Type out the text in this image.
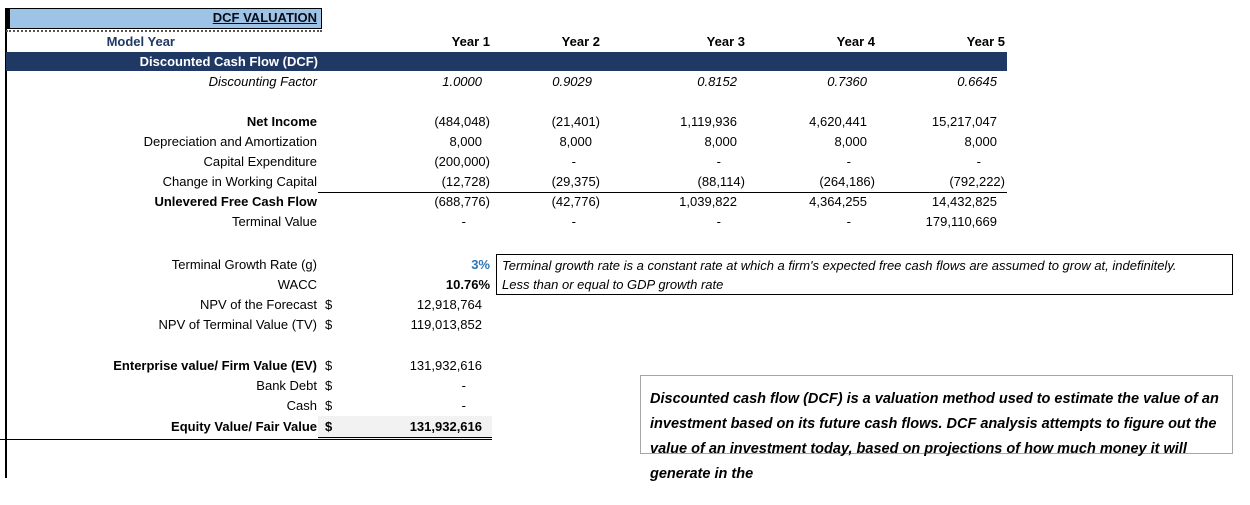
DCF VALUATION
Model Year	Year 1	Year 2	Year 3	Year 4	Year 5
Discounted Cash Flow (DCF)
Discounting Factor	1.0000	0.9029	0.8152	0.7360	0.6645
Net Income	(484,048)	(21,401)	1,119,936	4,620,441	15,217,047
Depreciation and Amortization	8,000	8,000	8,000	8,000	8,000
Capital Expenditure	(200,000)	-	-	-	-
Change in Working Capital	(12,728)	(29,375)	(88,114)	(264,186)	(792,222)
Unlevered Free Cash Flow	(688,776)	(42,776)	1,039,822	4,364,255	14,432,825
Terminal Value	-	-	-	-	179,110,669
Terminal Growth Rate (g)	3%
WACC	10.76%
NPV of the Forecast $	12,918,764
NPV of Terminal Value (TV) $	119,013,852
Enterprise value/ Firm Value (EV) $	131,932,616
Bank Debt $	-
Cash $	-
Equity Value/ Fair Value $	131,932,616
Terminal growth rate is a constant rate at which a firm's expected free cash flows are assumed to grow at, indefinitely.
Less than or equal to GDP growth rate
Discounted cash flow (DCF) is a valuation method used to estimate the value of an investment based on its future cash flows. DCF analysis attempts to figure out the value of an investment today, based on projections of how much money it will generate in the
